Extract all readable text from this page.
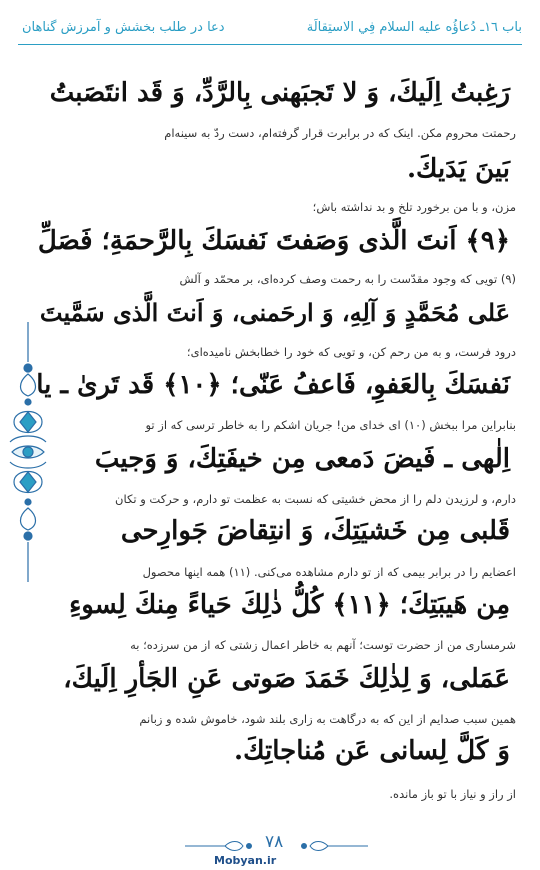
باب ١٦ـ دُعاؤُه عليه السلام فِي الاستِقالَة
دعا در طلب بخشش و آمرزش گناهان
رَغِبتُ اِلَيكَ، وَ لا تَجبَهنى بِالرَّدِّ، وَ قَد انتَصَبتُ
رحمتت محروم مکن. اینک که در برابرت قرار گرفته‌ام، دست ردّ به سینه‌ام
بَينَ يَدَيكَ.
مزن، و با من برخورد تلخ و بد نداشته باش؛
﴿٩﴾ اَنتَ الَّذى وَصَفتَ نَفسَكَ بِالرَّحمَةِ؛ فَصَلِّ
(٩) تویی که وجود مقدّست را به رحمت وصف کرده‌ای، بر محمّد و آلش
عَلى مُحَمَّدٍ وَ آلِهِ، وَ ارحَمنى، وَ اَنتَ الَّذى سَمَّيتَ
درود فرست، و به من رحم کن، و تویی که خود را خطابخش نامیده‌ای؛
نَفسَكَ بِالعَفوِ، فَاعفُ عَنّى؛ ﴿١٠﴾ قَد تَرىٰ ـ يا
بنابراین مرا ببخش (١٠) ای خدای من! جریان اشکم را به خاطر ترسی که از تو
اِلٰهى ـ فَيضَ دَمعى مِن خيفَتِكَ، وَ وَجيبَ
دارم، و لرزیدن دلم را از محض خشیتی که نسبت به عظمت تو دارم، و حرکت و تکان
قَلبى مِن خَشيَتِكَ، وَ انتِقاضَ جَوارِحى
اعضایم را در برابر بیمی که از تو دارم مشاهده می‌کنی. (١١) همه اینها محصول
مِن هَيبَتِكَ؛ ﴿١١﴾ كُلُّ ذٰلِكَ حَياءً مِنكَ لِسوءِ
شرمساری من از حضرت توست؛ آنهم به خاطر اعمال زشتی که از من سرزده؛ به
عَمَلى، وَ لِذٰلِكَ خَمَدَ صَوتى عَنِ الجَأرِ اِلَيكَ،
همین سبب صدایم از این که به درگاهت به زاری بلند شود، خاموش شده و زبانم
وَ كَلَّ لِسانى عَن مُناجاتِكَ.
از راز و نیاز با تو باز مانده.
٧٨
Mobyan.ir
